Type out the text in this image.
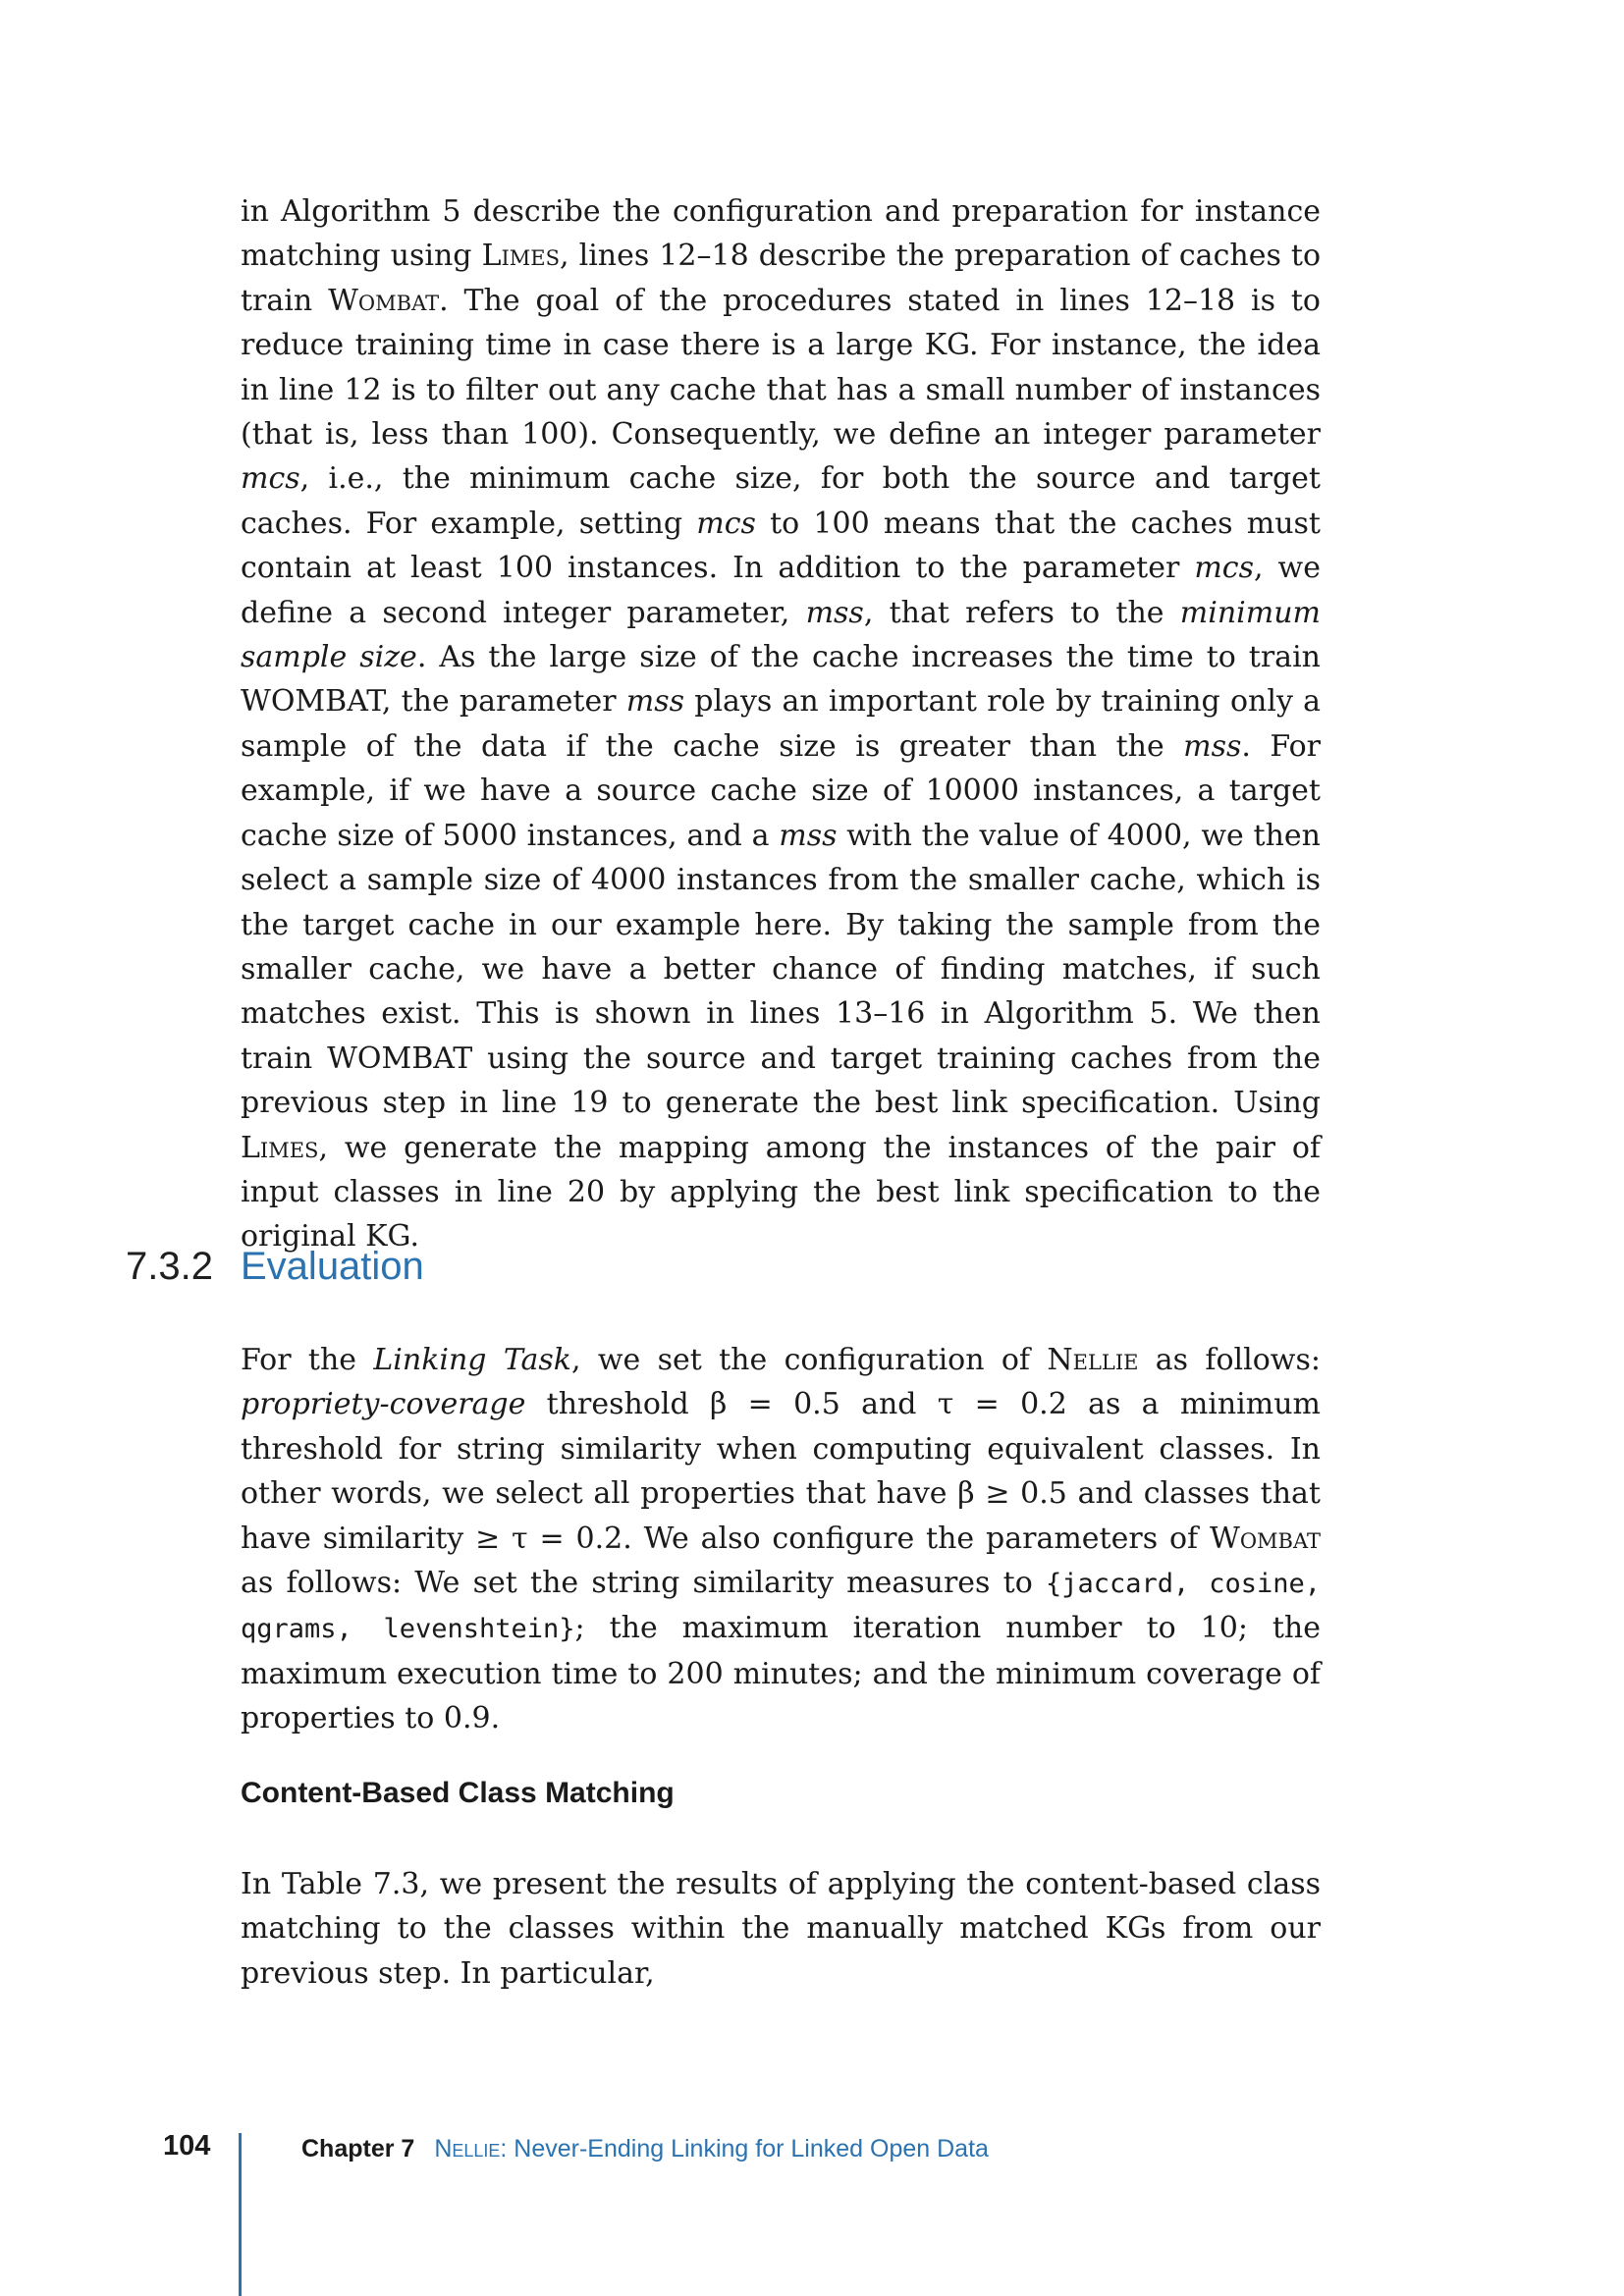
in Algorithm 5 describe the configuration and preparation for instance matching using Limes, lines 12–18 describe the preparation of caches to train Wombat. The goal of the procedures stated in lines 12–18 is to reduce training time in case there is a large KG. For instance, the idea in line 12 is to filter out any cache that has a small number of instances (that is, less than 100). Consequently, we define an integer parameter mcs, i.e., the minimum cache size, for both the source and target caches. For example, setting mcs to 100 means that the caches must contain at least 100 instances. In addition to the parameter mcs, we define a second integer parameter, mss, that refers to the minimum sample size. As the large size of the cache increases the time to train WOMBAT, the parameter mss plays an important role by training only a sample of the data if the cache size is greater than the mss. For example, if we have a source cache size of 10000 instances, a target cache size of 5000 instances, and a mss with the value of 4000, we then select a sample size of 4000 instances from the smaller cache, which is the target cache in our example here. By taking the sample from the smaller cache, we have a better chance of finding matches, if such matches exist. This is shown in lines 13–16 in Algorithm 5. We then train WOMBAT using the source and target training caches from the previous step in line 19 to generate the best link specification. Using Limes, we generate the mapping among the instances of the pair of input classes in line 20 by applying the best link specification to the original KG.

7.3.2 Evaluation

For the Linking Task, we set the configuration of Nellie as follows: propriety-coverage threshold β = 0.5 and τ = 0.2 as a minimum threshold for string similarity when computing equivalent classes. In other words, we select all properties that have β ≥ 0.5 and classes that have similarity ≥ τ = 0.2. We also configure the parameters of Wombat as follows: We set the string similarity measures to {jaccard, cosine, qgrams, levenshtein}; the maximum iteration number to 10; the maximum execution time to 200 minutes; and the minimum coverage of properties to 0.9.

Content-Based Class Matching

In Table 7.3, we present the results of applying the content-based class matching to the classes within the manually matched KGs from our previous step. In particular,

104	Chapter 7 Nellie: Never-Ending Linking for Linked Open Data
